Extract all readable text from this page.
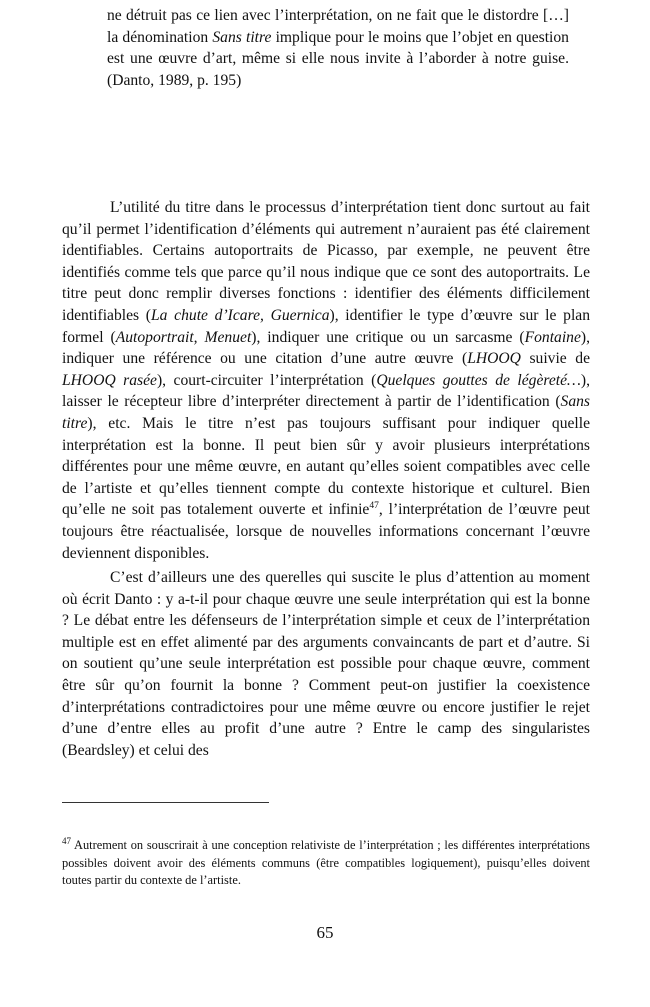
ne détruit pas ce lien avec l’interprétation, on ne fait que le distordre […] la dénomination Sans titre implique pour le moins que l’objet en question est une œuvre d’art, même si elle nous invite à l’aborder à notre guise. (Danto, 1989, p. 195)
L’utilité du titre dans le processus d’interprétation tient donc surtout au fait qu’il permet l’identification d’éléments qui autrement n’auraient pas été clairement identifiables. Certains autoportraits de Picasso, par exemple, ne peuvent être identifiés comme tels que parce qu’il nous indique que ce sont des autoportraits. Le titre peut donc remplir diverses fonctions : identifier des éléments difficilement identifiables (La chute d’Icare, Guernica), identifier le type d’œuvre sur le plan formel (Autoportrait, Menuet), indiquer une critique ou un sarcasme (Fontaine), indiquer une référence ou une citation d’une autre œuvre (LHOOQ suivie de LHOOQ rasée), court-circuiter l’interprétation (Quelques gouttes de légèreté…), laisser le récepteur libre d’interpréter directement à partir de l’identification (Sans titre), etc. Mais le titre n’est pas toujours suffisant pour indiquer quelle interprétation est la bonne. Il peut bien sûr y avoir plusieurs interprétations différentes pour une même œuvre, en autant qu’elles soient compatibles avec celle de l’artiste et qu’elles tiennent compte du contexte historique et culturel. Bien qu’elle ne soit pas totalement ouverte et infinie$^{47}$, l’interprétation de l’œuvre peut toujours être réactualisée, lorsque de nouvelles informations concernant l’œuvre deviennent disponibles.
C’est d’ailleurs une des querelles qui suscite le plus d’attention au moment où écrit Danto : y a-t-il pour chaque œuvre une seule interprétation qui est la bonne ? Le débat entre les défenseurs de l’interprétation simple et ceux de l’interprétation multiple est en effet alimenté par des arguments convaincants de part et d’autre. Si on soutient qu’une seule interprétation est possible pour chaque œuvre, comment être sûr qu’on fournit la bonne ? Comment peut-on justifier la coexistence d’interprétations contradictoires pour une même œuvre ou encore justifier le rejet d’une d’entre elles au profit d’une autre ? Entre le camp des singularistes (Beardsley) et celui des
$^{47}$ Autrement on souscrirait à une conception relativiste de l’interprétation ; les différentes interprétations possibles doivent avoir des éléments communs (être compatibles logiquement), puisqu’elles doivent toutes partir du contexte de l’artiste.
65
